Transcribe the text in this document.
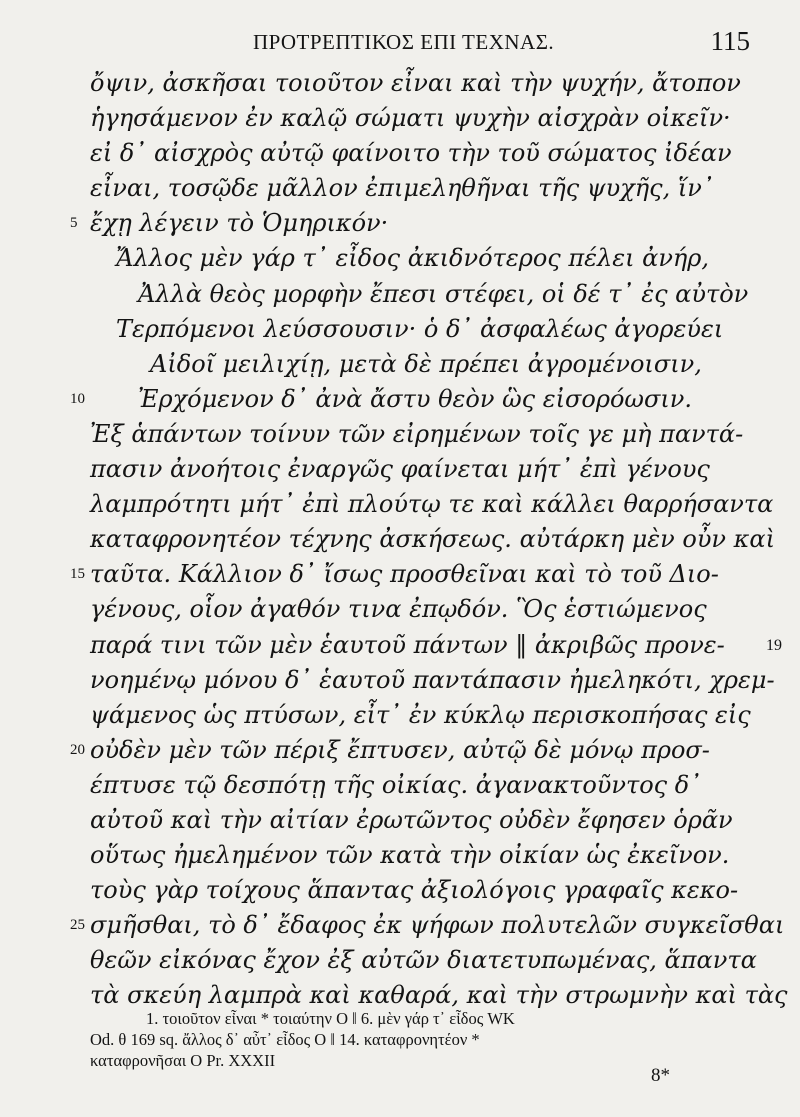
ΠΡΟΤΡΕΠΤΙΚΟΣ ΕΠΙ ΤΕΧΝΑΣ.	115
ὄψιν, ἀσκῆσαι τοιοῦτον εἶναι καὶ τὴν ψυχήν, ἄτοπον
ἡγησάμενον ἐν καλῷ σώματι ψυχὴν αἰσχρὰν οἰκεῖν·
εἰ δ᾽ αἰσχρὸς αὐτῷ φαίνοιτο τὴν τοῦ σώματος ἰδέαν
εἶναι, τοσῷδε μᾶλλον ἐπιμεληθῆναι τῆς ψυχῆς, ἵν᾽
5 ἔχῃ λέγειν τὸ Ὁμηρικόν·
Ἄλλος μὲν γάρ τ᾽ εἶδος ἀκιδνότερος πέλει ἀνήρ,
Ἀλλὰ θεὸς μορφὴν ἔπεσι στέφει, οἱ δέ τ᾽ ἐς αὐτὸν
Τερπόμενοι λεύσσουσιν· ὁ δ᾽ ἀσφαλέως ἀγορεύει
Αἰδοῖ μειλιχίῃ, μετὰ δὲ πρέπει ἀγρομένοισιν,
10 Ἐρχόμενον δ᾽ ἀνὰ ἄστυ θεὸν ὣς εἰσορόωσιν.
Ἐξ ἁπάντων τοίνυν τῶν εἰρημένων τοῖς γε μὴ παντά-
πασιν ἀνοήτοις ἐναργῶς φαίνεται μήτ᾽ ἐπὶ γένους
λαμπρότητι μήτ᾽ ἐπὶ πλούτῳ τε καὶ κάλλει θαρρήσαντα
καταφρονητέον τέχνης ἀσκήσεως. αὐτάρκη μὲν οὖν καὶ
15 ταῦτα. Κάλλιον δ᾽ ἴσως προσθεῖναι καὶ τὸ τοῦ Διο-
γένους, οἷον ἀγαθόν τινα ἐπῳδόν. Ὃς ἑστιώμενος
παρά τινι τῶν μὲν ἑαυτοῦ πάντων ‖ ἀκριβῶς προνε-	19
νοημένῳ μόνου δ᾽ ἑαυτοῦ παντάπασιν ἠμεληκότι, χρεμ-
ψάμενος ὡς πτύσων, εἶτ᾽ ἐν κύκλῳ περισκοπήσας εἰς
20 οὐδὲν μὲν τῶν πέριξ ἔπτυσεν, αὐτῷ δὲ μόνῳ προσ-
έπτυσε τῷ δεσπότῃ τῆς οἰκίας. ἀγανακτοῦντος δ᾽
αὐτοῦ καὶ τὴν αἰτίαν ἐρωτῶντος οὐδὲν ἔφησεν ὁρᾶν
οὕτως ἠμελημένον τῶν κατὰ τὴν οἰκίαν ὡς ἐκεῖνον.
τοὺς γὰρ τοίχους ἅπαντας ἀξιολόγοις γραφαῖς κεκο-
25 σμῆσθαι, τὸ δ᾽ ἔδαφος ἐκ ψήφων πολυτελῶν συγκεῖσθαι
θεῶν εἰκόνας ἔχον ἐξ αὐτῶν διατετυπωμένας, ἅπαντα
τὰ σκεύη λαμπρὰ καὶ καθαρά, καὶ τὴν στρωμνὴν καὶ τὰς
1. τοιοῦτον εἶναι * τοιαύτην O ‖ 6. μὲν γάρ τ᾽ εἶδος WK
Od. θ 169 sq. ἄλλος δ᾽ αὖτ᾽ εἶδος O ‖ 14. καταφρονητέον *
καταφρονῆσαι O Pr. XXXII
8*
